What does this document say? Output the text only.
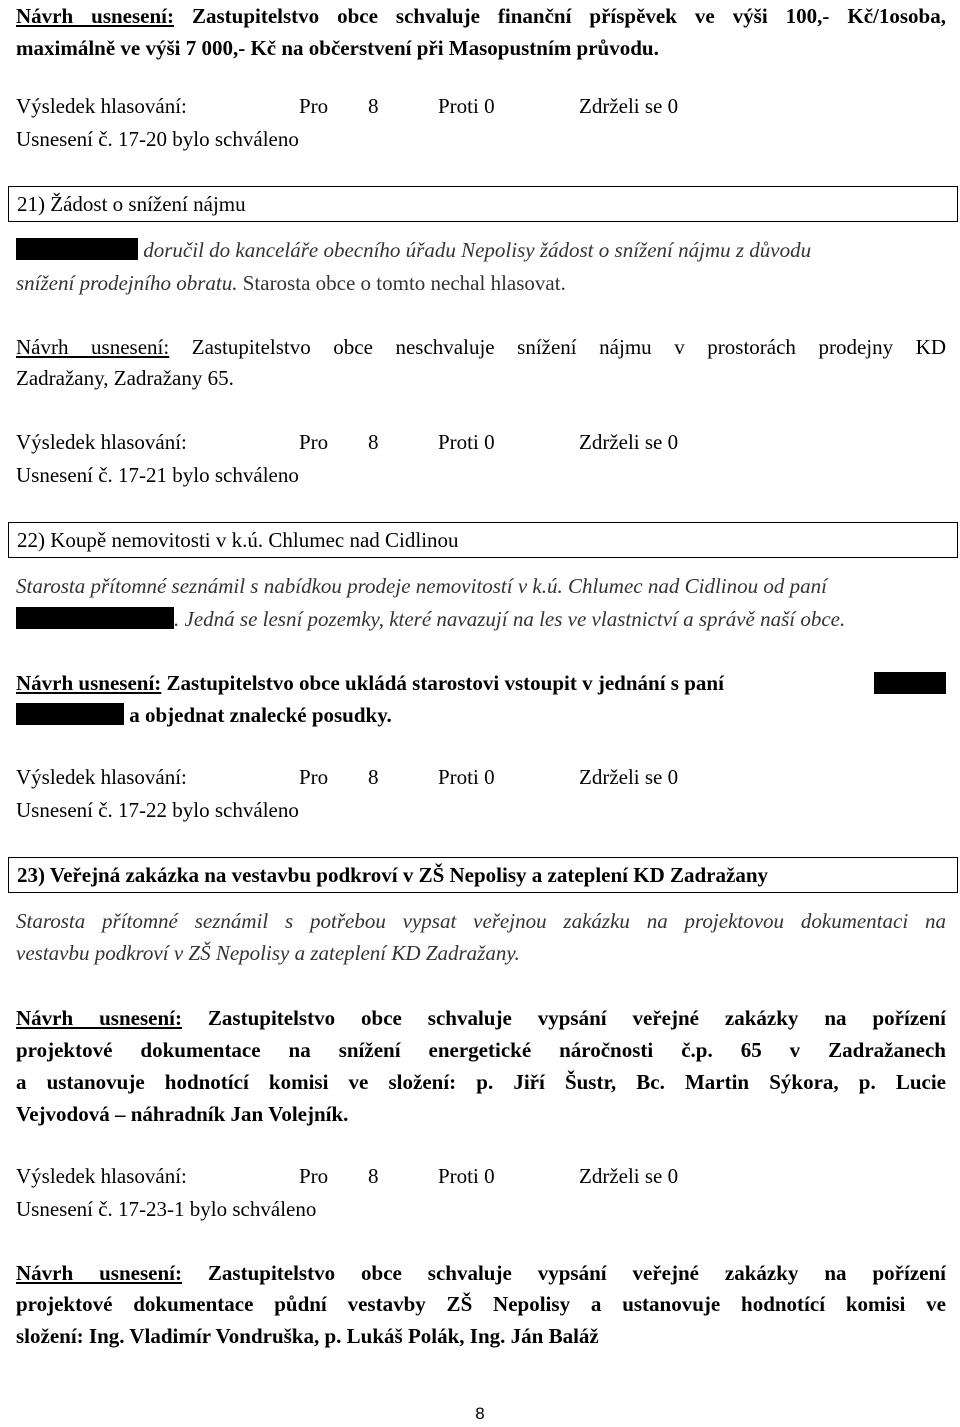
Návrh usnesení: Zastupitelstvo obce schvaluje finanční příspěvek ve výši 100,- Kč/1osoba,
maximálně ve výši 7 000,- Kč na občerstvení při Masopustním průvodu.
Výsledek hlasování:	Pro 8	Proti 0	Zdrželi se 0
Usnesení č. 17-20 bylo schváleno
21) Žádost o snížení nájmu
doručil do kanceláře obecního úřadu Nepolisy žádost o snížení nájmu z důvodu
snížení prodejního obratu. Starosta obce o tomto nechal hlasovat.
Návrh usnesení: Zastupitelstvo obce neschvaluje snížení nájmu v prostorách prodejny KD
Zadražany, Zadražany 65.
Výsledek hlasování:	Pro 8	Proti 0	Zdrželi se 0
Usnesení č. 17-21 bylo schváleno
22) Koupě nemovitosti v k.ú. Chlumec nad Cidlinou
Starosta přítomné seznámil s nabídkou prodeje nemovitostí v k.ú. Chlumec nad Cidlinou od paní
. Jedná se lesní pozemky, které navazují na les ve vlastnictví a správě naší obce.
Návrh usnesení: Zastupitelstvo obce ukládá starostovi vstoupit v jednání s paní
a objednat znalecké posudky.
Výsledek hlasování:	Pro 8	Proti 0	Zdrželi se 0
Usnesení č. 17-22 bylo schváleno
23) Veřejná zakázka na vestavbu podkroví v ZŠ Nepolisy a zateplení KD Zadražany
Starosta přítomné seznámil s potřebou vypsat veřejnou zakázku na projektovou dokumentaci na
vestavbu podkroví v ZŠ Nepolisy a zateplení KD Zadražany.
Návrh usnesení: Zastupitelstvo obce schvaluje vypsání veřejné zakázky na pořízení
projektové dokumentace na snížení energetické náročnosti č.p. 65 v Zadražanech
a ustanovuje hodnotící komisi ve složení: p. Jiří Šustr, Bc. Martin Sýkora, p. Lucie
Vejvodová – náhradník Jan Volejník.
Výsledek hlasování:	Pro 8	Proti 0	Zdrželi se 0
Usnesení č. 17-23-1 bylo schváleno
Návrh usnesení: Zastupitelstvo obce schvaluje vypsání veřejné zakázky na pořízení
projektové dokumentace půdní vestavby ZŠ Nepolisy a ustanovuje hodnotící komisi ve
složení: Ing. Vladimír Vondruška, p. Lukáš Polák, Ing. Ján Baláž
8
